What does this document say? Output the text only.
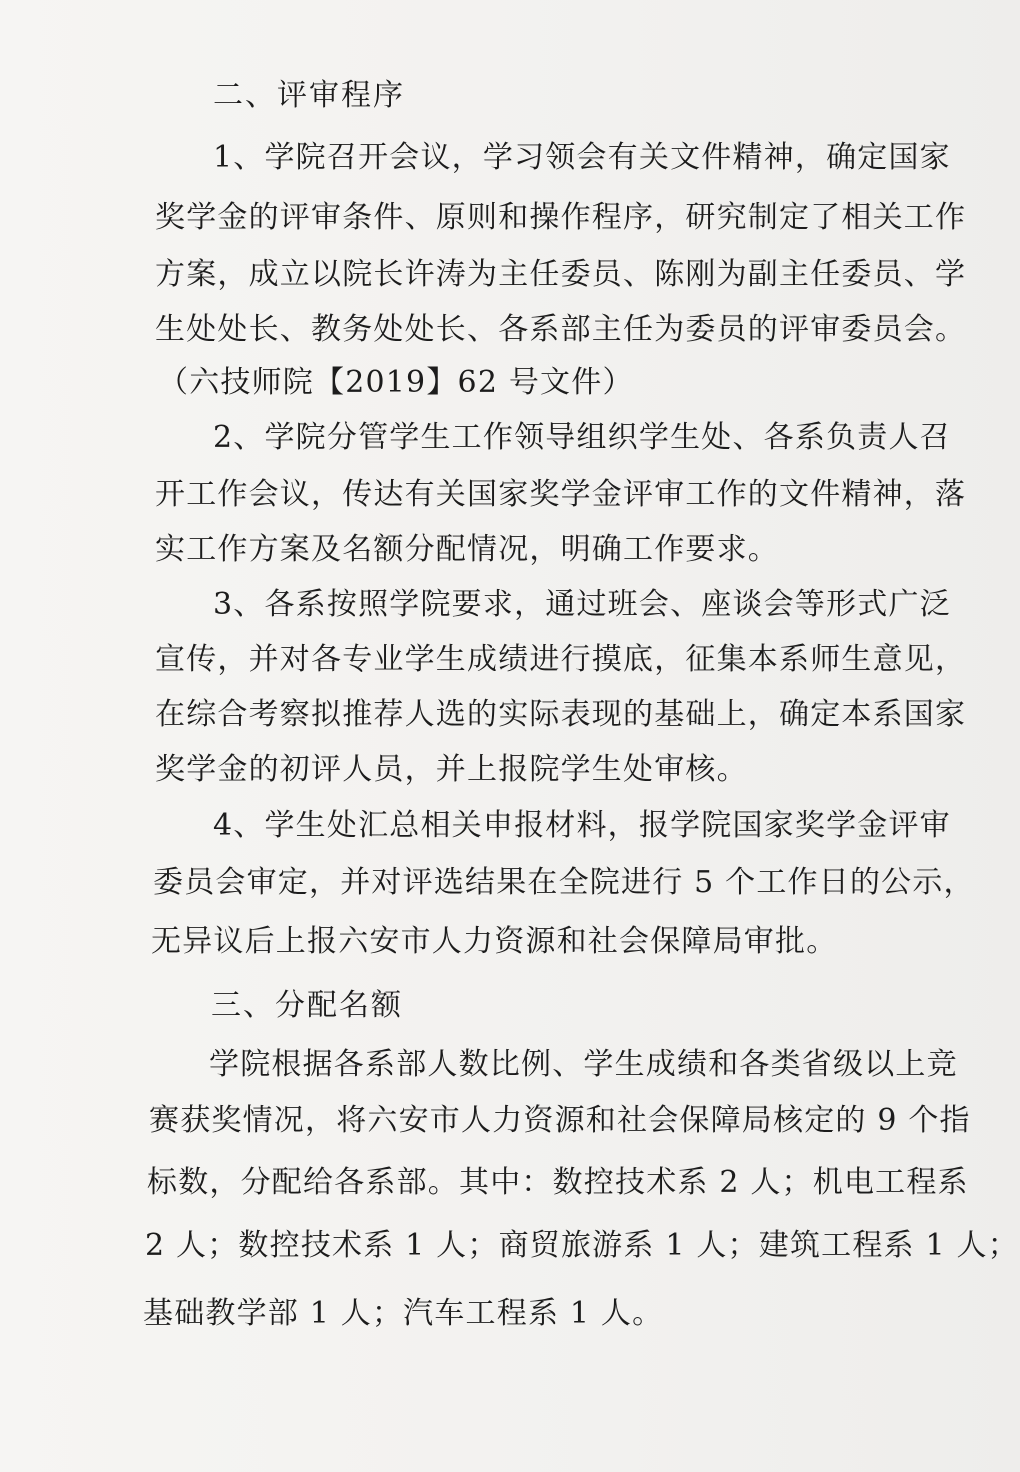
二、评审程序

1、学院召开会议，学习领会有关文件精神，确定国家

奖学金的评审条件、原则和操作程序，研究制定了相关工作

方案，成立以院长许涛为主任委员、陈刚为副主任委员、学

生处处长、教务处处长、各系部主任为委员的评审委员会。

（六技师院【2019】62 号文件）

2、学院分管学生工作领导组织学生处、各系负责人召

开工作会议，传达有关国家奖学金评审工作的文件精神，落

实工作方案及名额分配情况，明确工作要求。

3、各系按照学院要求，通过班会、座谈会等形式广泛

宣传，并对各专业学生成绩进行摸底，征集本系师生意见，

在综合考察拟推荐人选的实际表现的基础上，确定本系国家

奖学金的初评人员，并上报院学生处审核。

4、学生处汇总相关申报材料，报学院国家奖学金评审

委员会审定，并对评选结果在全院进行 5 个工作日的公示，

无异议后上报六安市人力资源和社会保障局审批。

三、分配名额

学院根据各系部人数比例、学生成绩和各类省级以上竞

赛获奖情况，将六安市人力资源和社会保障局核定的 9 个指

标数，分配给各系部。其中：数控技术系 2 人；机电工程系

2 人；数控技术系 1 人；商贸旅游系 1 人；建筑工程系 1 人；

基础教学部 1 人；汽车工程系 1 人。
